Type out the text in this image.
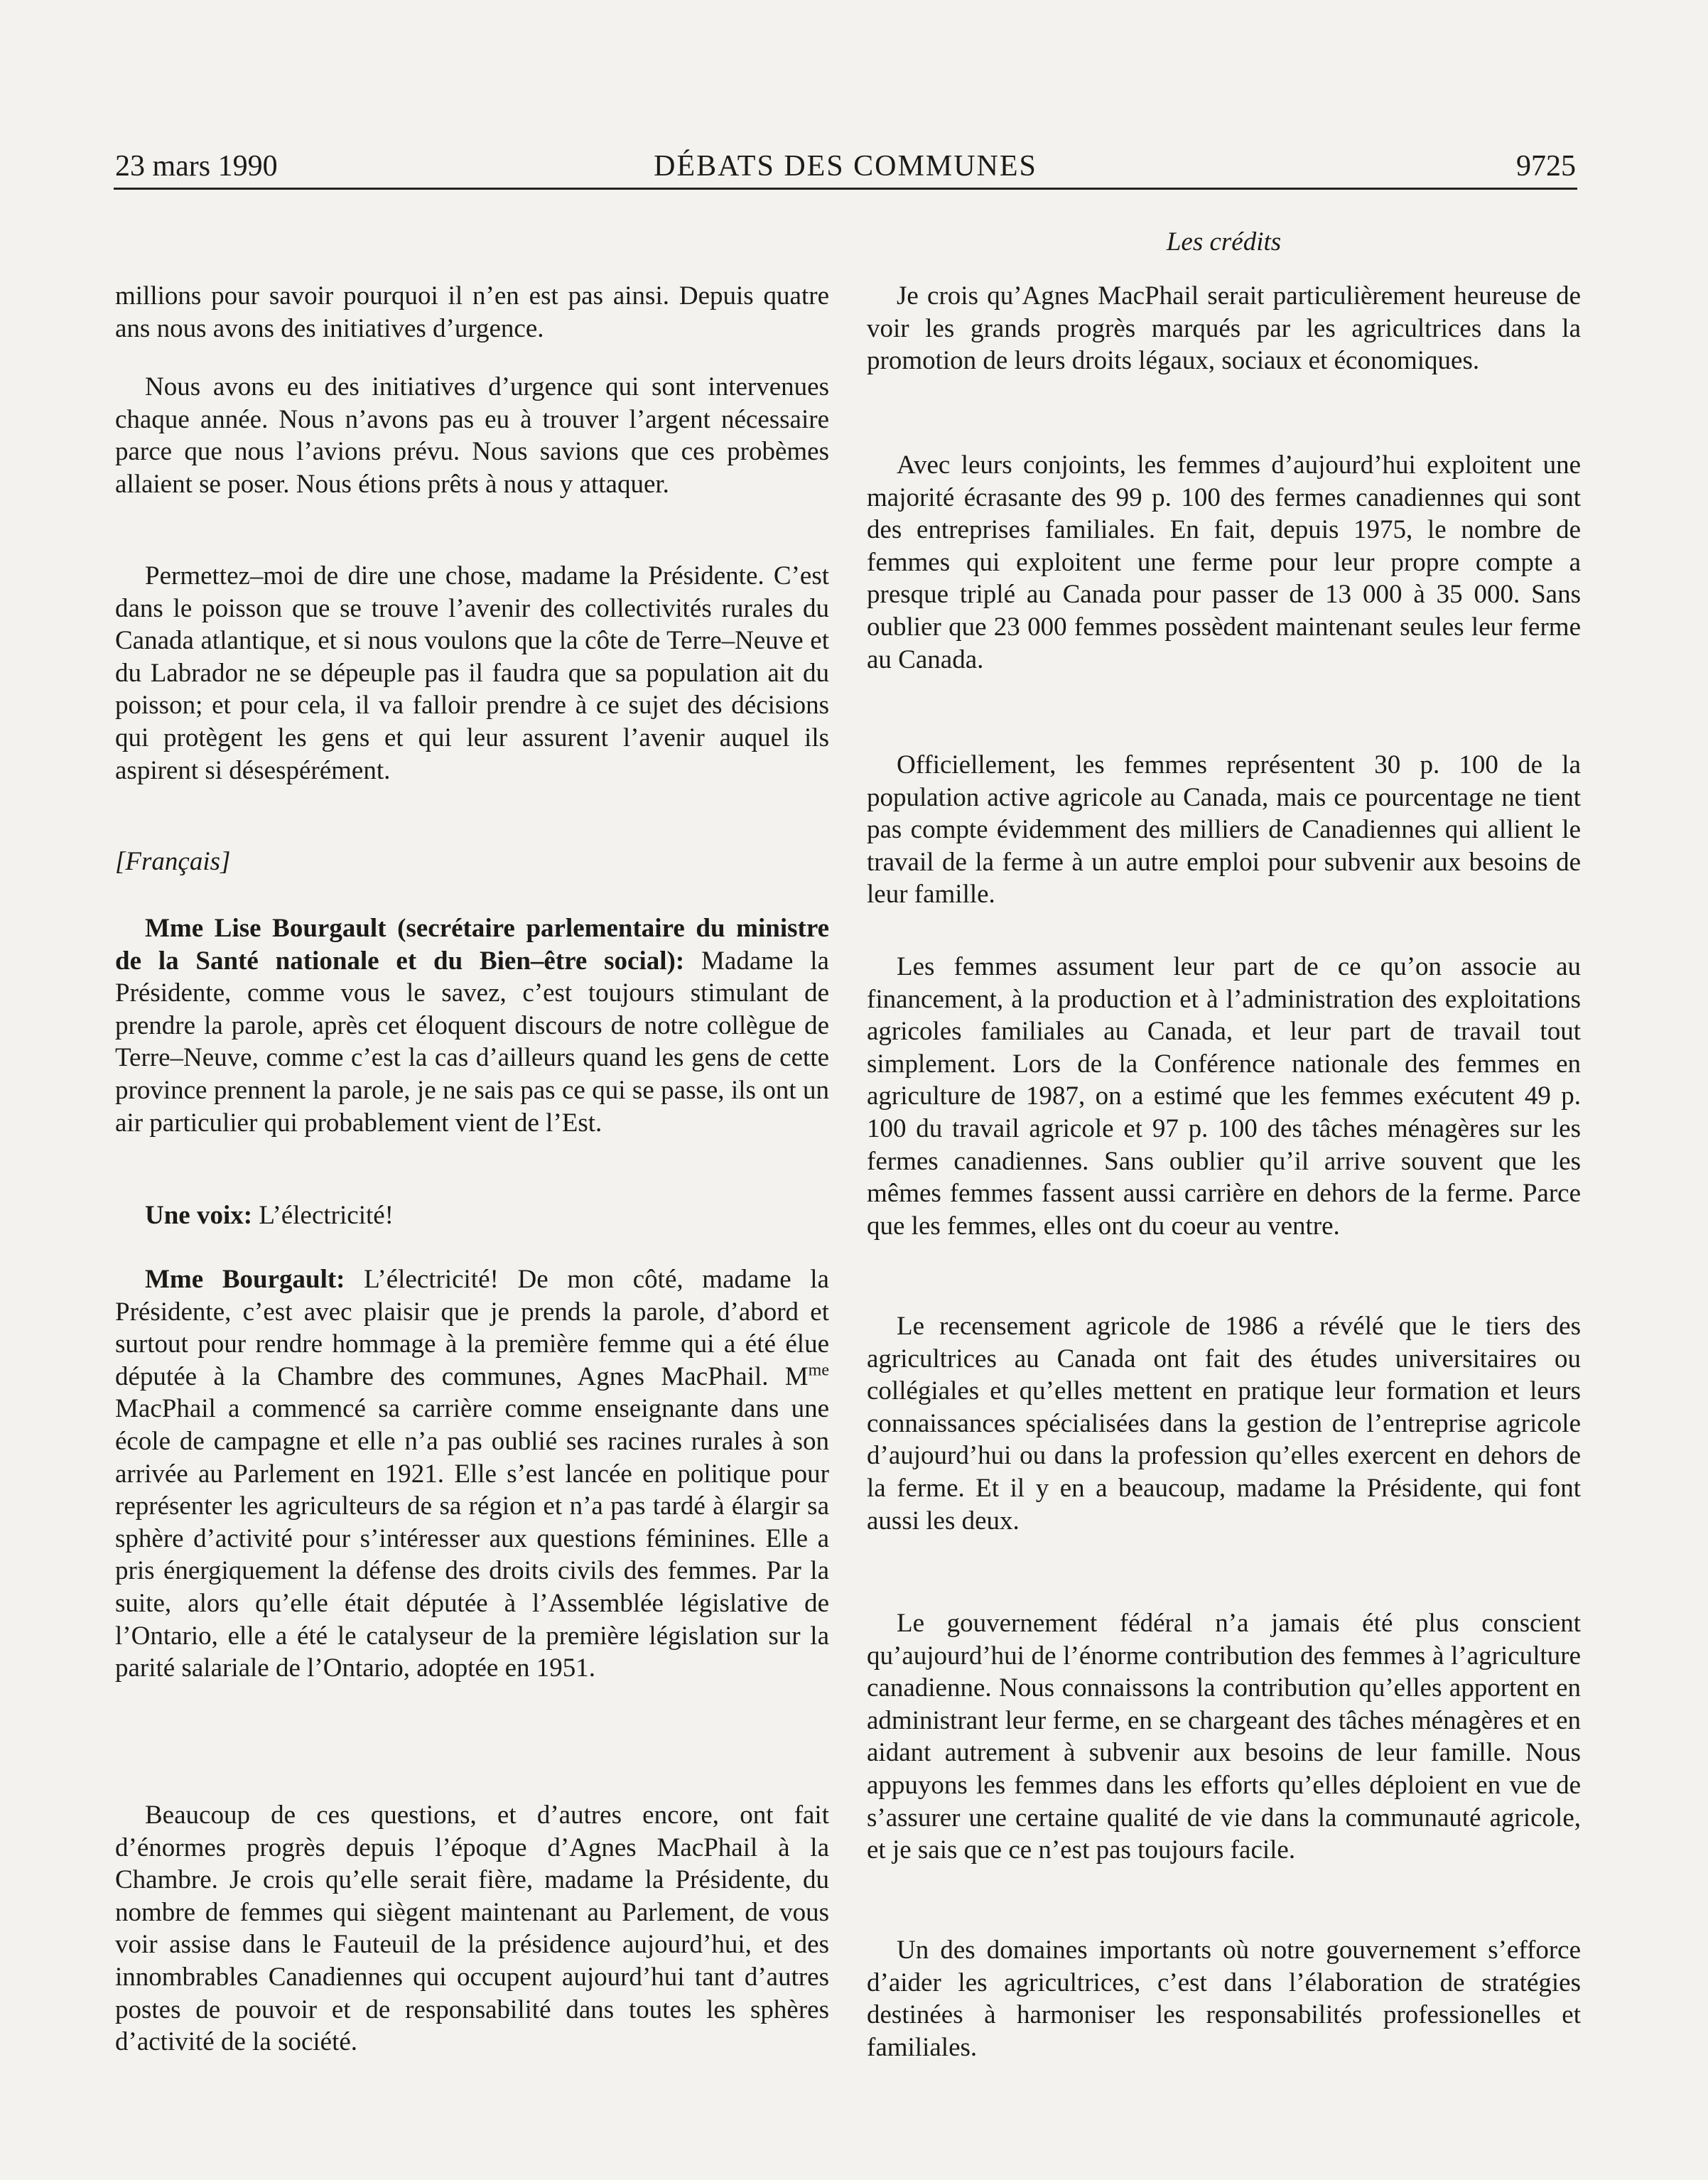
23 mars 1990	DÉBATS DES COMMUNES	9725
Les crédits

millions pour savoir pourquoi il n’en est pas ainsi. Depuis quatre ans nous avons des initiatives d’urgence.

Nous avons eu des initiatives d’urgence qui sont intervenues chaque année. Nous n’avons pas eu à trouver l’argent nécessaire parce que nous l’avions prévu. Nous savions que ces probèmes allaient se poser. Nous étions prêts à nous y attaquer.

Permettez–moi de dire une chose, madame la Présidente. C’est dans le poisson que se trouve l’avenir des collectivités rurales du Canada atlantique, et si nous voulons que la côte de Terre–Neuve et du Labrador ne se dépeuple pas il faudra que sa population ait du poisson; et pour cela, il va falloir prendre à ce sujet des décisions qui protègent les gens et qui leur assurent l’avenir auquel ils aspirent si désespérément.

[Français]

Mme Lise Bourgault (secrétaire parlementaire du ministre de la Santé nationale et du Bien–être social): Madame la Présidente, comme vous le savez, c’est toujours stimulant de prendre la parole, après cet éloquent discours de notre collègue de Terre–Neuve, comme c’est la cas d’ailleurs quand les gens de cette province prennent la parole, je ne sais pas ce qui se passe, ils ont un air particulier qui probablement vient de l’Est.

Une voix: L’électricité!

Mme Bourgault: L’électricité! De mon côté, madame la Présidente, c’est avec plaisir que je prends la parole, d’abord et surtout pour rendre hommage à la première femme qui a été élue députée à la Chambre des communes, Agnes MacPhail. $M^{me}$ MacPhail a commencé sa carrière comme enseignante dans une école de campagne et elle n’a pas oublié ses racines rurales à son arrivée au Parlement en 1921. Elle s’est lancée en politique pour représenter les agriculteurs de sa région et n’a pas tardé à élargir sa sphère d’activité pour s’intéresser aux questions féminines. Elle a pris énergiquement la défense des droits civils des femmes. Par la suite, alors qu’elle était députée à l’Assemblée législative de l’Ontario, elle a été le catalyseur de la première législation sur la parité salariale de l’Ontario, adoptée en 1951.

Beaucoup de ces questions, et d’autres encore, ont fait d’énormes progrès depuis l’époque d’Agnes MacPhail à la Chambre. Je crois qu’elle serait fière, madame la Présidente, du nombre de femmes qui siègent maintenant au Parlement, de vous voir assise dans le Fauteuil de la présidence aujourd’hui, et des innombrables Canadiennes qui occupent aujourd’hui tant d’autres postes de pouvoir et de responsabilité dans toutes les sphères d’activité de la société.

Je crois qu’Agnes MacPhail serait particulièrement heureuse de voir les grands progrès marqués par les agricultrices dans la promotion de leurs droits légaux, sociaux et économiques.

Avec leurs conjoints, les femmes d’aujourd’hui exploitent une majorité écrasante des 99 p. 100 des fermes canadiennes qui sont des entreprises familiales. En fait, depuis 1975, le nombre de femmes qui exploitent une ferme pour leur propre compte a presque triplé au Canada pour passer de 13 000 à 35 000. Sans oublier que 23 000 femmes possèdent maintenant seules leur ferme au Canada.

Officiellement, les femmes représentent 30 p. 100 de la population active agricole au Canada, mais ce pourcentage ne tient pas compte évidemment des milliers de Canadiennes qui allient le travail de la ferme à un autre emploi pour subvenir aux besoins de leur famille.

Les femmes assument leur part de ce qu’on associe au financement, à la production et à l’administration des exploitations agricoles familiales au Canada, et leur part de travail tout simplement. Lors de la Conférence nationale des femmes en agriculture de 1987, on a estimé que les femmes exécutent 49 p. 100 du travail agricole et 97 p. 100 des tâches ménagères sur les fermes canadiennes. Sans oublier qu’il arrive souvent que les mêmes femmes fassent aussi carrière en dehors de la ferme. Parce que les femmes, elles ont du coeur au ventre.

Le recensement agricole de 1986 a révélé que le tiers des agricultrices au Canada ont fait des études universitaires ou collégiales et qu’elles mettent en pratique leur formation et leurs connaissances spécialisées dans la gestion de l’entreprise agricole d’aujourd’hui ou dans la profession qu’elles exercent en dehors de la ferme. Et il y en a beaucoup, madame la Présidente, qui font aussi les deux.

Le gouvernement fédéral n’a jamais été plus conscient qu’aujourd’hui de l’énorme contribution des femmes à l’agriculture canadienne. Nous connaissons la contribution qu’elles apportent en administrant leur ferme, en se chargeant des tâches ménagères et en aidant autrement à subvenir aux besoins de leur famille. Nous appuyons les femmes dans les efforts qu’elles déploient en vue de s’assurer une certaine qualité de vie dans la communauté agricole, et je sais que ce n’est pas toujours facile.

Un des domaines importants où notre gouvernement s’efforce d’aider les agricultrices, c’est dans l’élaboration de stratégies destinées à harmoniser les responsabilités professionelles et familiales.
